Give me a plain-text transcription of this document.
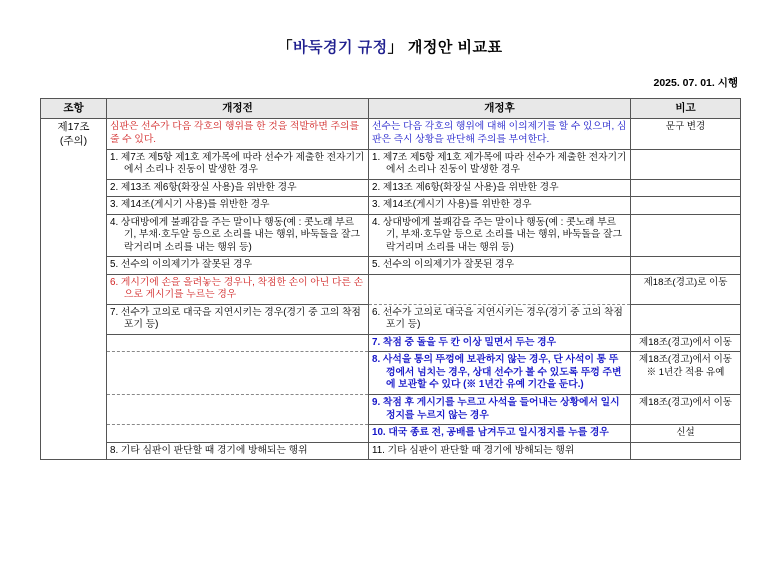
「바둑경기 규정」 개정안 비교표
2025. 07. 01. 시행
조항	개정전	개정후	비고
제17조
(주의)	심판은 선수가 다음 각호의 행위를 한 것을 적발하면 주의를 줄 수 있다.	선수는 다음 각호의 행위에 대해 이의제기를 할 수 있으며, 심판은 즉시 상황을 판단해 주의를 부여한다.	문구 변경

	1. 제7조 제5항 제1호 제가목에 따라 선수가 제출한 전자기기에서 소리나 진동이 발생한 경우	1. 제7조 제5항 제1호 제가목에 따라 선수가 제출한 전자기기에서 소리나 진동이 발생한 경우	

	2. 제13조 제6항(화장실 사용)을 위반한 경우	2. 제13조 제6항(화장실 사용)을 위반한 경우	

	3. 제14조(게시기 사용)를 위반한 경우	3. 제14조(게시기 사용)를 위반한 경우	

	4. 상대방에게 불쾌감을 주는 말이나 행동(예 : 콧노래 부르기, 부채·호두알 등으로 소리를 내는 행위, 바둑돌을 잘그락거리며 소리를 내는 행위 등)	4. 상대방에게 불쾌감을 주는 말이나 행동(예 : 콧노래 부르기, 부채·호두알 등으로 소리를 내는 행위, 바둑돌을 잘그락거리며 소리를 내는 행위 등)	

	5. 선수의 이의제기가 잘못된 경우	5. 선수의 이의제기가 잘못된 경우	

	6. 게시기에 손을 올려놓는 경우나, 착점한 손이 아닌 다른 손으로 게시기를 누르는 경우		제18조(경고)로 이동

	7. 선수가 고의로 대국을 지연시키는 경우(경기 중 고의 착점포기 등)	6. 선수가 고의로 대국을 지연시키는 경우(경기 중 고의 착점포기 등)	

		7. 착점 중 돌을 두 칸 이상 밀면서 두는 경우	제18조(경고)에서 이동

		8. 사석을 통의 뚜껑에 보관하지 않는 경우, 단 사석이 통 뚜껑에서 넘치는 경우, 상대 선수가 볼 수 있도록 뚜껑 주변에 보관할 수 있다 (※ 1년간 유예 기간을 둔다.)	제18조(경고)에서 이동
※ 1년간 적용 유예

		9. 착점 후 게시기를 누르고 사석을 들어내는 상황에서 일시정지를 누르지 않는 경우	제18조(경고)에서 이동

		10. 대국 종료 전, 공배를 남겨두고 일시정지를 누를 경우	신설

	8. 기타 심판이 판단할 때 경기에 방해되는 행위	11. 기타 심판이 판단할 때 경기에 방해되는 행위	
